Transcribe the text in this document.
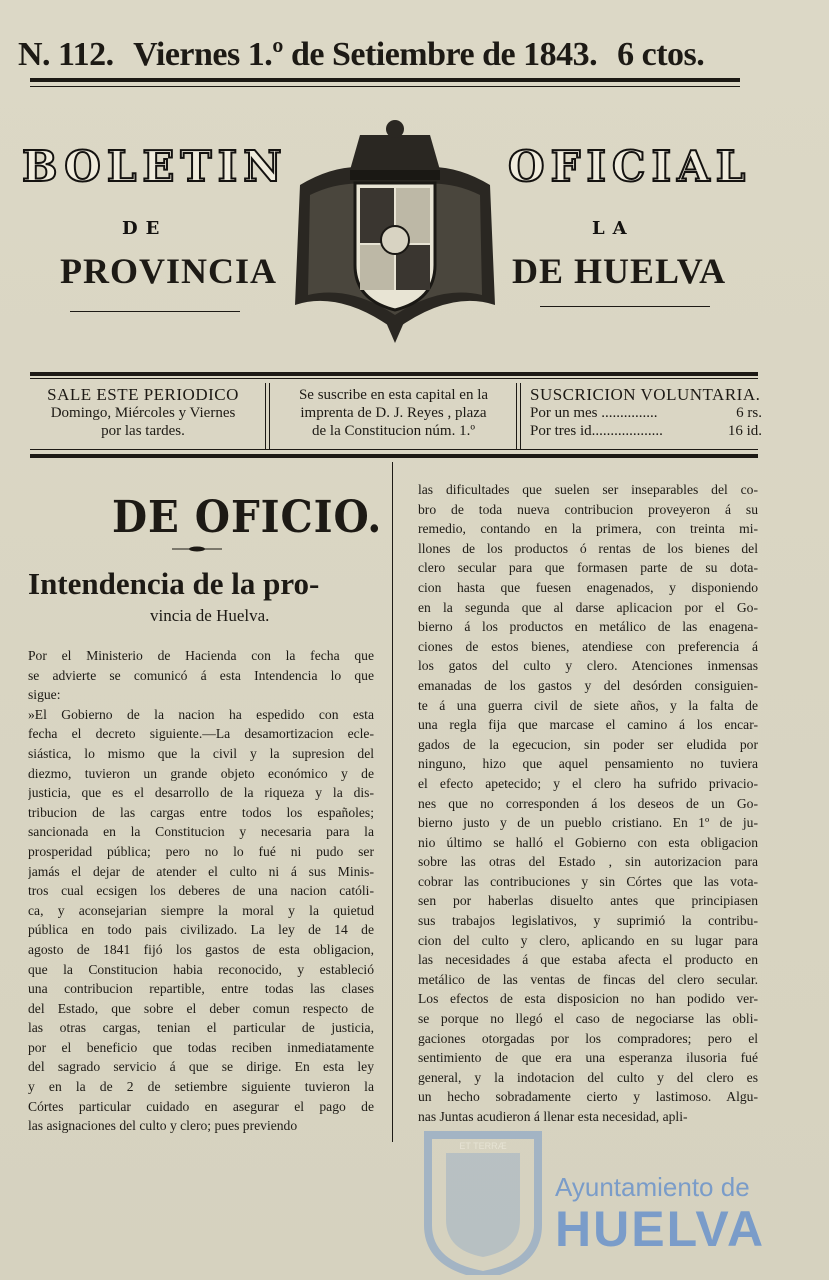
N. 112. Viernes 1.º de Setiembre de 1843. 6 ctos.
BOLETIN	OFICIAL
DE	LA
PROVINCIA	DE HUELVA
SALE ESTE PERIODICO
Domingo, Miércoles y Viernes
por las tardes.
Se suscribe en esta capital en la
imprenta de D. J. Reyes , plaza
de la Constitucion núm. 1.º
SUSCRICION VOLUNTARIA.
Por un mes ...............	6 rs.
Por tres id...................	16 id.
DE OFICIO.
Intendencia de la pro-
vincia de Huelva.
Por el Ministerio de Hacienda con la fecha que
se advierte se comunicó á esta Intendencia lo que
sigue:
»El Gobierno de la nacion ha espedido con esta
fecha el decreto siguiente.—La desamortizacion ecle-
siástica, lo mismo que la civil y la supresion del
diezmo, tuvieron un grande objeto económico y de
justicia, que es el desarrollo de la riqueza y la dis-
tribucion de las cargas entre todos los españoles;
sancionada en la Constitucion y necesaria para la
prosperidad pública; pero no lo fué ni pudo ser
jamás el dejar de atender el culto ni á sus Minis-
tros cual ecsigen los deberes de una nacion católi-
ca, y aconsejarian siempre la moral y la quietud
pública en todo pais civilizado. La ley de 14 de
agosto de 1841 fijó los gastos de esta obligacion,
que la Constitucion habia reconocido, y estableció
una contribucion repartible, entre todas las clases
del Estado, que sobre el deber comun respecto de
las otras cargas, tenian el particular de justicia,
por el beneficio que todas reciben inmediatamente
del sagrado servicio á que se dirige. En esta ley
y en la de 2 de setiembre siguiente tuvieron la
Córtes particular cuidado en asegurar el pago de
las asignaciones del culto y clero; pues previendo
las dificultades que suelen ser inseparables del co-
bro de toda nueva contribucion proveyeron á su
remedio, contando en la primera, con treinta mi-
llones de los productos ó rentas de los bienes del
clero secular para que formasen parte de su dota-
cion hasta que fuesen enagenados, y disponiendo
en la segunda que al darse aplicacion por el Go-
bierno á los productos en metálico de las enagena-
ciones de estos bienes, atendiese con preferencia á
los gatos del culto y clero. Atenciones inmensas
emanadas de los gastos y del desórden consiguien-
te á una guerra civil de siete años, y la falta de
una regla fija que marcase el camino á los encar-
gados de la egecucion, sin poder ser eludida por
ninguno, hizo que aquel pensamiento no tuviera
el efecto apetecido; y el clero ha sufrido privacio-
nes que no corresponden á los deseos de un Go-
bierno justo y de un pueblo cristiano. En 1º de ju-
nio último se halló el Gobierno con esta obligacion
sobre las otras del Estado , sin autorizacion para
cobrar las contribuciones y sin Córtes que las vota-
sen por haberlas disuelto antes que principiasen
sus trabajos legislativos, y suprimió la contribu-
cion del culto y clero, aplicando en su lugar para
las necesidades á que estaba afecta el producto en
metálico de las ventas de fincas del clero secular.
Los efectos de esta disposicion no han podido ver-
se porque no llegó el caso de negociarse las obli-
gaciones otorgadas por los compradores; pero el
sentimiento de que era una esperanza ilusoria fué
general, y la indotacion del culto y del clero es
un hecho sobradamente cierto y lastimoso. Algu-
nas Juntas acudieron á llenar esta necesidad, apli-
ET TERRÆ
Ayuntamiento de
HUELVA
